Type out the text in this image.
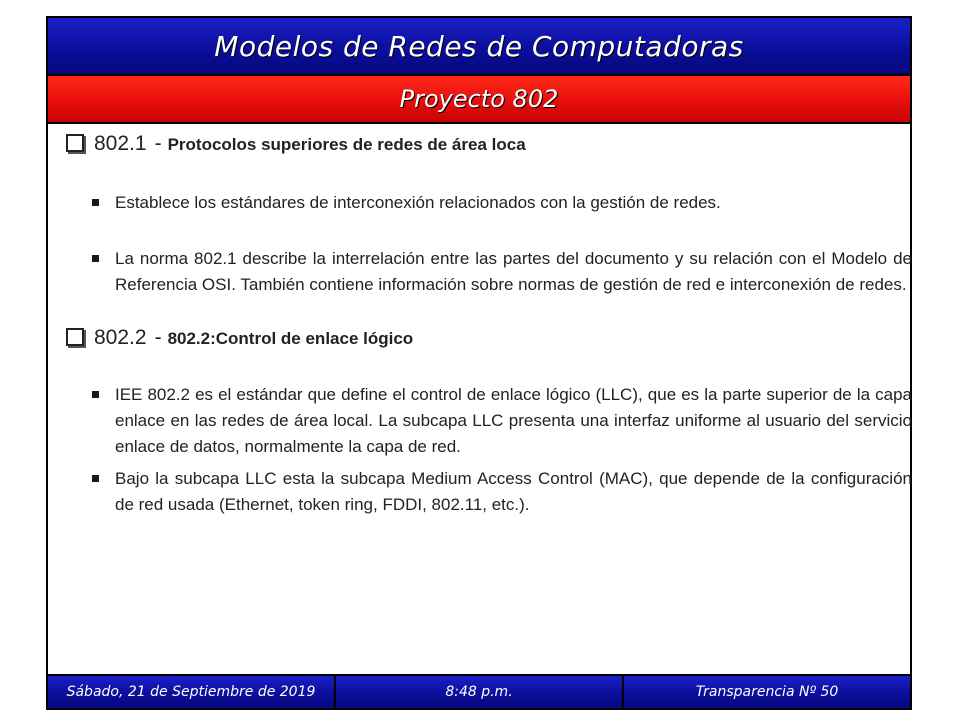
Modelos de Redes de Computadoras
Proyecto 802
802.1 - Protocolos superiores de redes de área loca
Establece los estándares de interconexión relacionados con la gestión de redes.
La norma 802.1 describe la interrelación entre las partes del documento y su relación con el Modelo de Referencia OSI. También contiene información sobre normas de gestión de red e interconexión de redes.
802.2 - 802.2:Control de enlace lógico
IEE 802.2 es el estándar que define el control de enlace lógico (LLC), que es la parte superior de la capa enlace en las redes de área local. La subcapa LLC presenta una interfaz uniforme al usuario del servicio enlace de datos, normalmente la capa de red.
Bajo la subcapa LLC esta la subcapa Medium Access Control (MAC), que depende de la configuración de red usada (Ethernet, token ring, FDDI, 802.11, etc.).
Sábado, 21 de Septiembre de 2019	8:48 p.m.	Transparencia Nº 50
